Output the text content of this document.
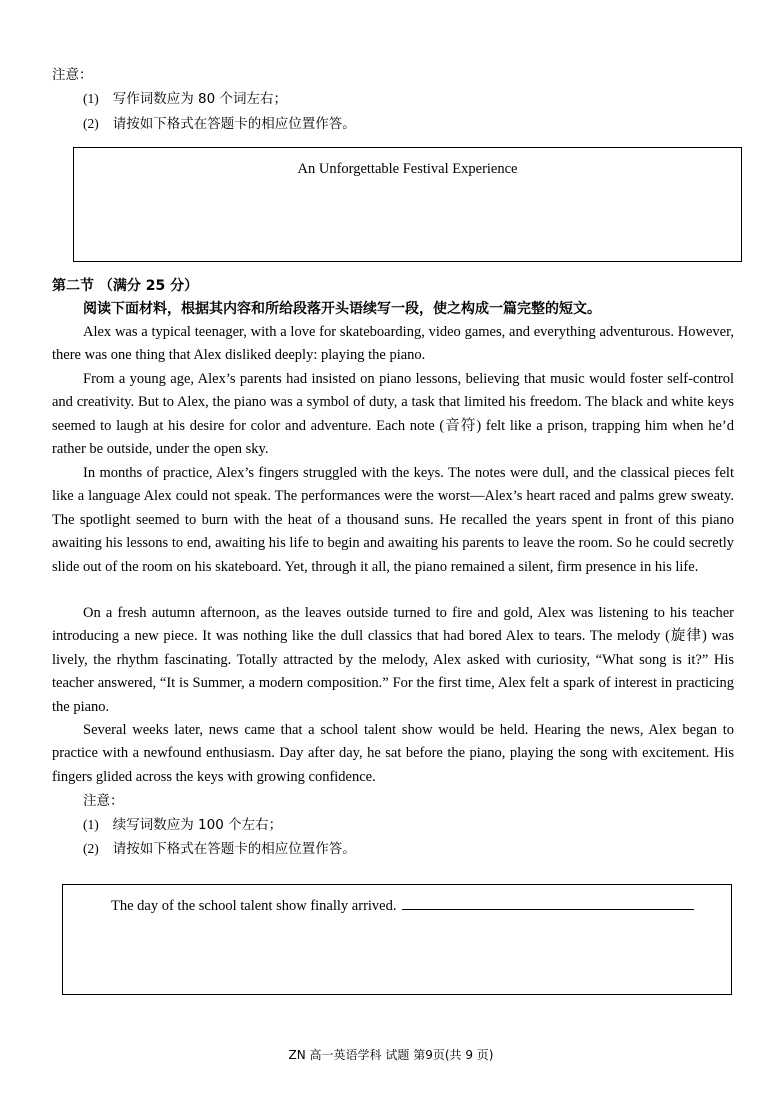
注意：
(1) 写作词数应为 80 个词左右；
(2) 请按如下格式在答题卡的相应位置作答。
An Unforgettable Festival Experience
第二节 （满分 25 分）
阅读下面材料，根据其内容和所给段落开头语续写一段，使之构成一篇完整的短文。
Alex was a typical teenager, with a love for skateboarding, video games, and everything adventurous. However, there was one thing that Alex disliked deeply: playing the piano.
From a young age, Alex’s parents had insisted on piano lessons, believing that music would foster self-control and creativity. But to Alex, the piano was a symbol of duty, a task that limited his freedom. The black and white keys seemed to laugh at his desire for color and adventure. Each note (音符) felt like a prison, trapping him when he’d rather be outside, under the open sky.
In months of practice, Alex’s fingers struggled with the keys. The notes were dull, and the classical pieces felt like a language Alex could not speak. The performances were the worst—Alex’s heart raced and palms grew sweaty. The spotlight seemed to burn with the heat of a thousand suns. He recalled the years spent in front of this piano awaiting his lessons to end, awaiting his life to begin and awaiting his parents to leave the room. So he could secretly slide out of the room on his skateboard. Yet, through it all, the piano remained a silent, firm presence in his life.
On a fresh autumn afternoon, as the leaves outside turned to fire and gold, Alex was listening to his teacher introducing a new piece. It was nothing like the dull classics that had bored Alex to tears. The melody (旋律) was lively, the rhythm fascinating. Totally attracted by the melody, Alex asked with curiosity, “What song is it?” His teacher answered, “It is Summer, a modern composition.” For the first time, Alex felt a spark of interest in practicing the piano.
Several weeks later, news came that a school talent show would be held. Hearing the news, Alex began to practice with a newfound enthusiasm. Day after day, he sat before the piano, playing the song with excitement. His fingers glided across the keys with growing confidence.
注意：
(1) 续写词数应为 100 个左右；
(2) 请按如下格式在答题卡的相应位置作答。
The day of the school talent show finally arrived.
ZN 高一英语学科 试题 第9页(共 9 页)
